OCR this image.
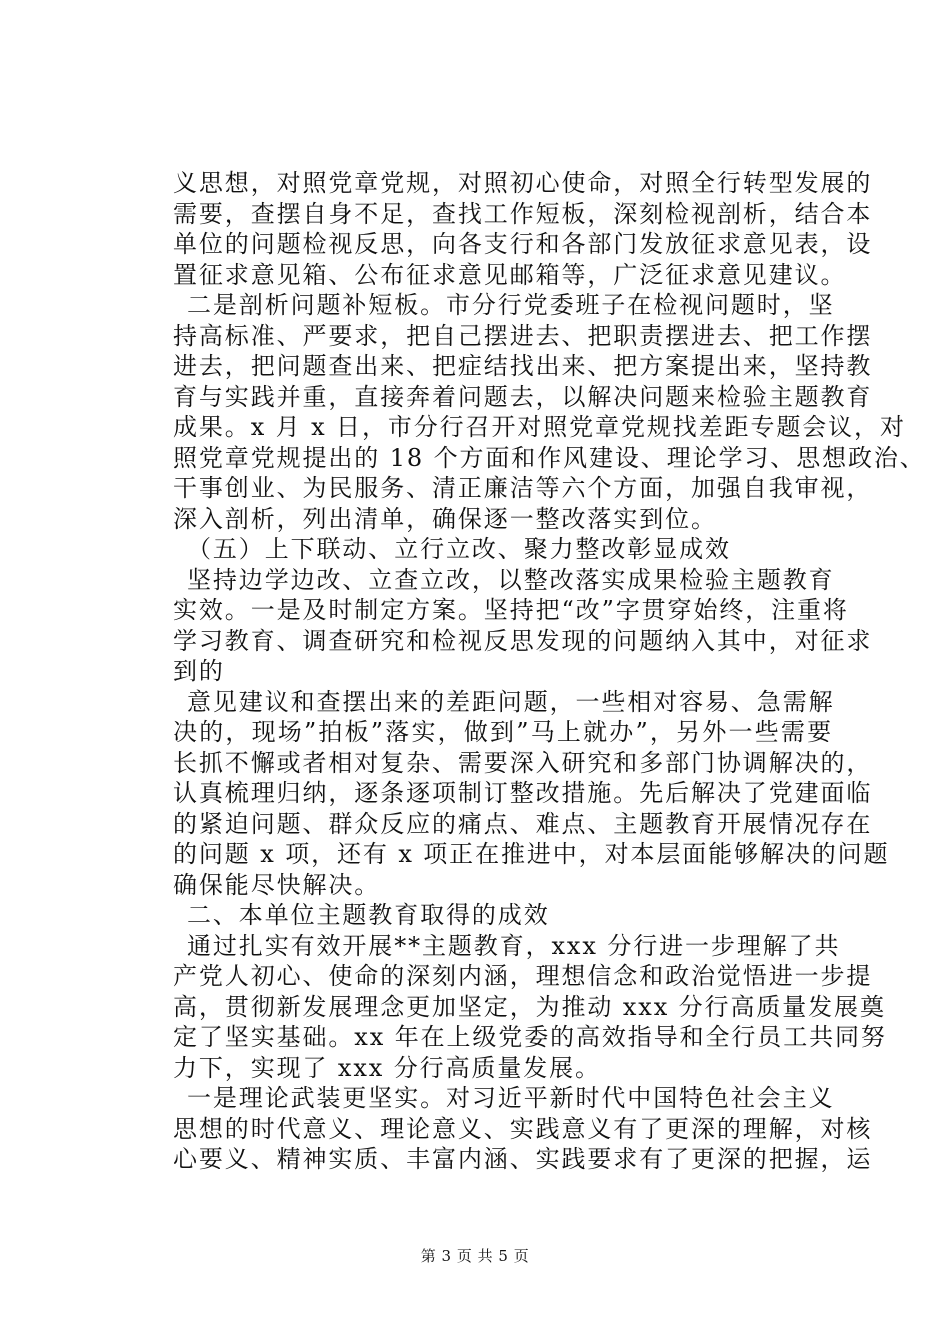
义思想，对照党章党规，对照初心使命，对照全行转型发展的
需要，查摆自身不足，查找工作短板，深刻检视剖析，结合本
单位的问题检视反思，向各支行和各部门发放征求意见表，设
置征求意见箱、公布征求意见邮箱等，广泛征求意见建议。
二是剖析问题补短板。市分行党委班子在检视问题时，坚
持高标准、严要求，把自己摆进去、把职责摆进去、把工作摆
进去，把问题查出来、把症结找出来、把方案提出来，坚持教
育与实践并重，直接奔着问题去，以解决问题来检验主题教育
成果。x 月 x 日，市分行召开对照党章党规找差距专题会议，对
照党章党规提出的 18 个方面和作风建设、理论学习、思想政治、
干事创业、为民服务、清正廉洁等六个方面，加强自我审视，
深入剖析，列出清单，确保逐一整改落实到位。
（五）上下联动、立行立改、聚力整改彰显成效
坚持边学边改、立查立改，以整改落实成果检验主题教育
实效。一是及时制定方案。坚持把“改”字贯穿始终，注重将
学习教育、调查研究和检视反思发现的问题纳入其中，对征求
到的
意见建议和查摆出来的差距问题，一些相对容易、急需解
决的，现场”拍板”落实，做到”马上就办”，另外一些需要
长抓不懈或者相对复杂、需要深入研究和多部门协调解决的，
认真梳理归纳，逐条逐项制订整改措施。先后解决了党建面临
的紧迫问题、群众反应的痛点、难点、主题教育开展情况存在
的问题 x 项，还有 x 项正在推进中，对本层面能够解决的问题
确保能尽快解决。
二、本单位主题教育取得的成效
通过扎实有效开展**主题教育，xxx 分行进一步理解了共
产党人初心、使命的深刻内涵，理想信念和政治觉悟进一步提
高，贯彻新发展理念更加坚定，为推动 xxx 分行高质量发展奠
定了坚实基础。xx 年在上级党委的高效指导和全行员工共同努
力下，实现了 xxx 分行高质量发展。
一是理论武装更坚实。对习近平新时代中国特色社会主义
思想的时代意义、理论意义、实践意义有了更深的理解，对核
心要义、精神实质、丰富内涵、实践要求有了更深的把握，运
第 3 页 共 5 页
